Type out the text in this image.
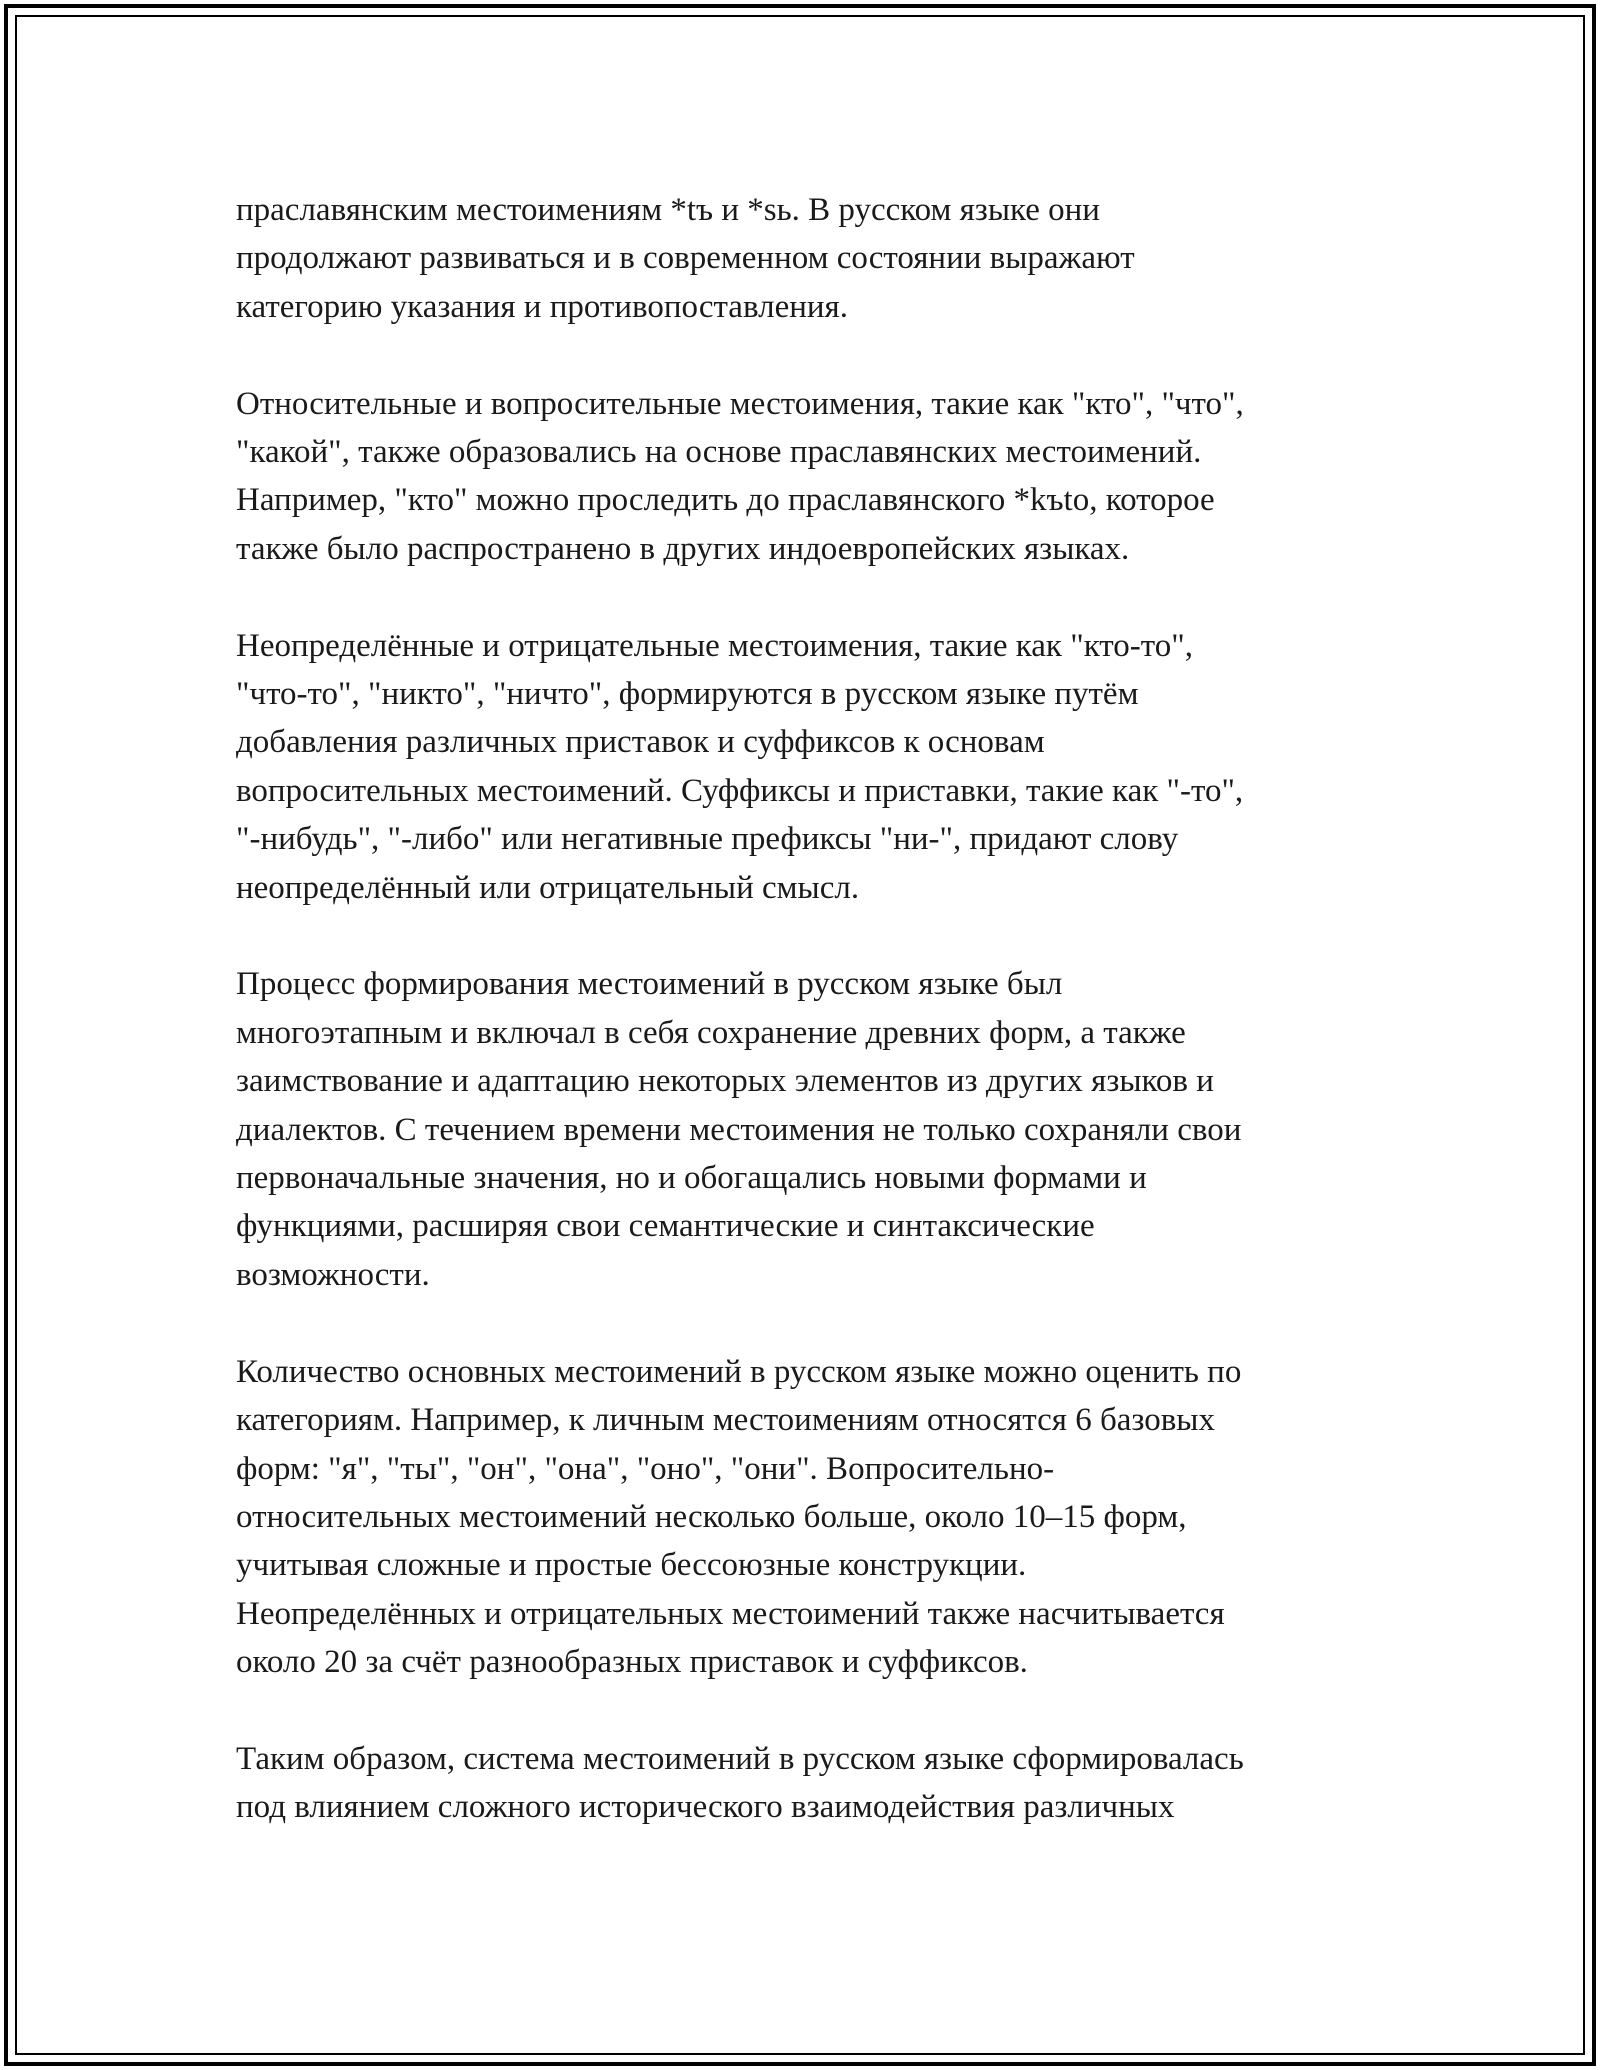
праславянским местоимениям *tъ и *sь. В русском языке они
продолжают развиваться и в современном состоянии выражают
категорию указания и противопоставления.

Относительные и вопросительные местоимения, такие как "кто", "что",
"какой", также образовались на основе праславянских местоимений.
Например, "кто" можно проследить до праславянского *kъto, которое
также было распространено в других индоевропейских языках.

Неопределённые и отрицательные местоимения, такие как "кто-то",
"что-то", "никто", "ничто", формируются в русском языке путём
добавления различных приставок и суффиксов к основам
вопросительных местоимений. Суффиксы и приставки, такие как "-то",
"-нибудь", "-либо" или негативные префиксы "ни-", придают слову
неопределённый или отрицательный смысл.

Процесс формирования местоимений в русском языке был
многоэтапным и включал в себя сохранение древних форм, а также
заимствование и адаптацию некоторых элементов из других языков и
диалектов. С течением времени местоимения не только сохраняли свои
первоначальные значения, но и обогащались новыми формами и
функциями, расширяя свои семантические и синтаксические
возможности.

Количество основных местоимений в русском языке можно оценить по
категориям. Например, к личным местоимениям относятся 6 базовых
форм: "я", "ты", "он", "она", "оно", "они". Вопросительно-
относительных местоимений несколько больше, около 10–15 форм,
учитывая сложные и простые бессоюзные конструкции.
Неопределённых и отрицательных местоимений также насчитывается
около 20 за счёт разнообразных приставок и суффиксов.

Таким образом, система местоимений в русском языке сформировалась
под влиянием сложного исторического взаимодействия различных
